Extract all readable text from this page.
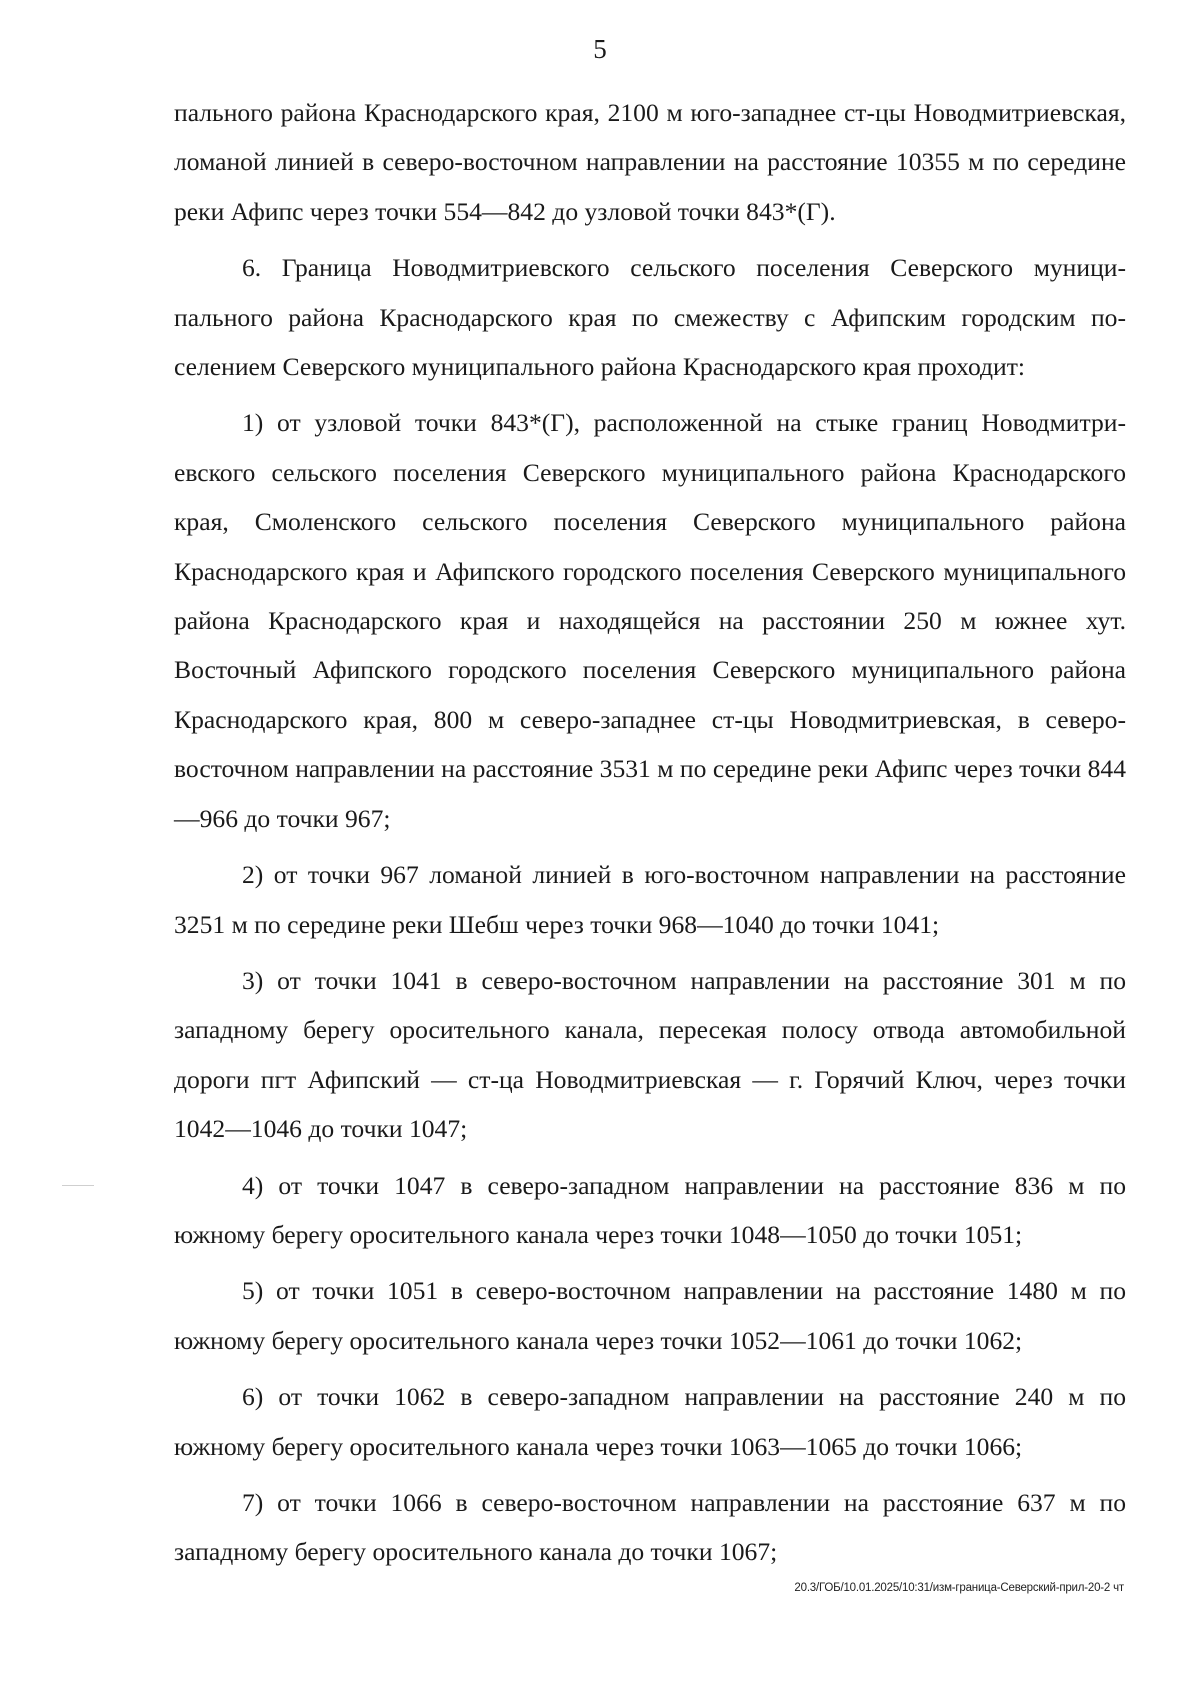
5

пального района Краснодарского края, 2100 м юго-западнее ст-цы Новодмитриевская, ломаной линией в северо-восточном направлении на расстояние 10355 м по середине реки Афипс через точки 554—842 до узловой точки 843*(Г).

6. Граница Новодмитриевского сельского поселения Северского муниципального района Краснодарского края по смежеству с Афипским городским поселением Северского муниципального района Краснодарского края проходит:

1) от узловой точки 843*(Г), расположенной на стыке границ Новодмитриевского сельского поселения Северского муниципального района Краснодарского края, Смоленского сельского поселения Северского муниципального района Краснодарского края и Афипского городского поселения Северского муниципального района Краснодарского края и находящейся на расстоянии 250 м южнее хут. Восточный Афипского городского поселения Северского муниципального района Краснодарского края, 800 м северо-западнее ст-цы Новодмитриевская, в северо-восточном направлении на расстояние 3531 м по середине реки Афипс через точки 844—966 до точки 967;

2) от точки 967 ломаной линией в юго-восточном направлении на расстояние 3251 м по середине реки Шебш через точки 968—1040 до точки 1041;

3) от точки 1041 в северо-восточном направлении на расстояние 301 м по западному берегу оросительного канала, пересекая полосу отвода автомобильной дороги пгт Афипский — ст-ца Новодмитриевская — г. Горячий Ключ, через точки 1042—1046 до точки 1047;

4) от точки 1047 в северо-западном направлении на расстояние 836 м по южному берегу оросительного канала через точки 1048—1050 до точки 1051;

5) от точки 1051 в северо-восточном направлении на расстояние 1480 м по южному берегу оросительного канала через точки 1052—1061 до точки 1062;

6) от точки 1062 в северо-западном направлении на расстояние 240 м по южному берегу оросительного канала через точки 1063—1065 до точки 1066;

7) от точки 1066 в северо-восточном направлении на расстояние 637 м по западному берегу оросительного канала до точки 1067;

20.3/ГОБ/10.01.2025/10:31/изм-граница-Северский-прил-20-2 чт
